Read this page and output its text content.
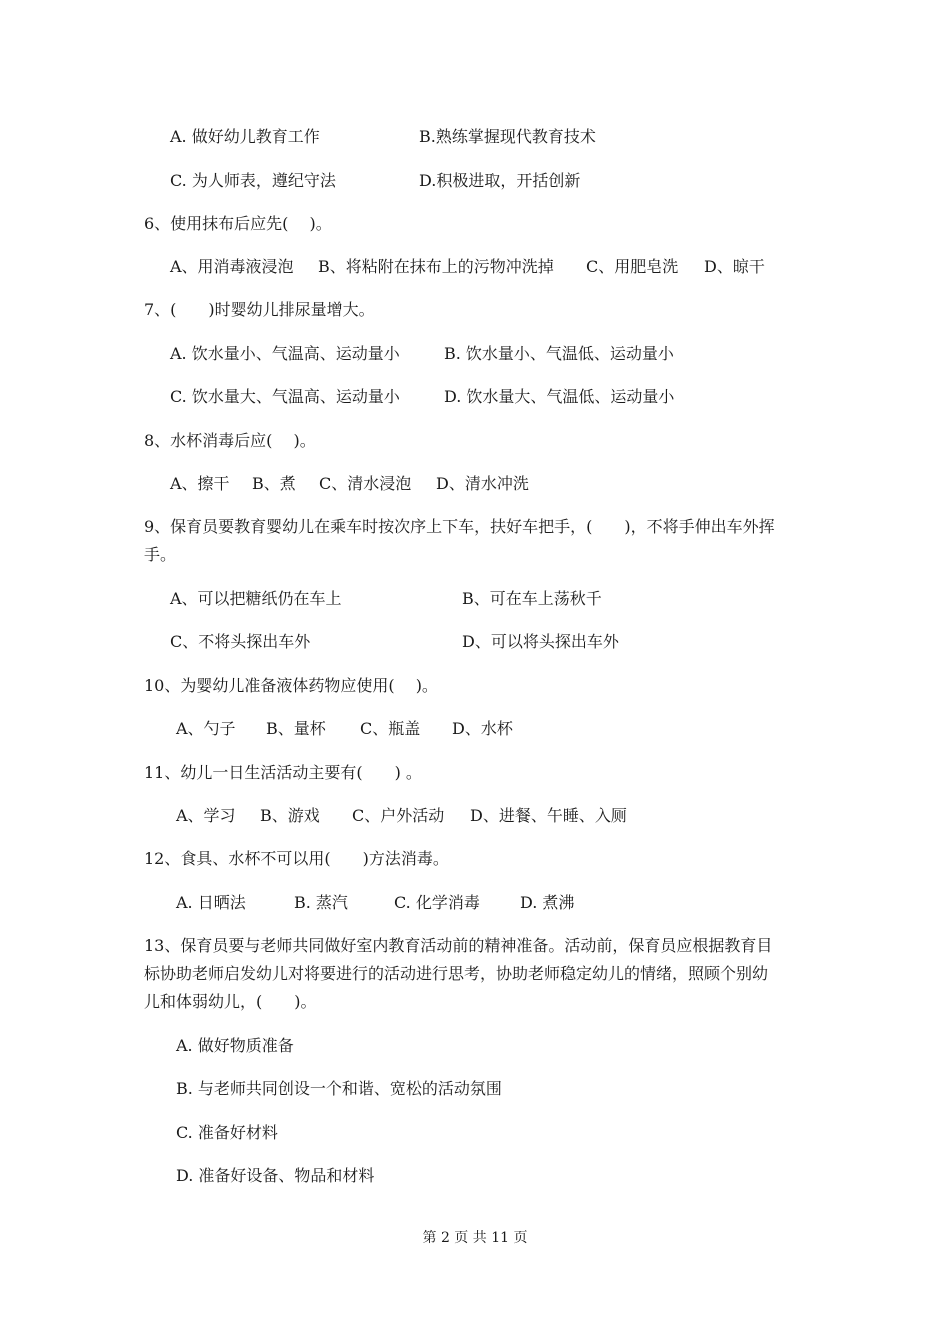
A. 做好幼儿教育工作	B.熟练掌握现代教育技术
C. 为人师表，遵纪守法	D.积极进取，开括创新
6、使用抹布后应先(　 )。
A、用消毒液浸泡 B、将粘附在抹布上的污物冲洗掉 C、用肥皂洗 D、晾干
7、(　　)时婴幼儿排尿量增大。
A. 饮水量小、气温高、运动量小	B. 饮水量小、气温低、运动量小
C. 饮水量大、气温高、运动量小	D. 饮水量大、气温低、运动量小
8、水杯消毒后应(　 )。
A、擦干 B、煮 C、清水浸泡 D、清水冲洗
9、保育员要教育婴幼儿在乘车时按次序上下车，扶好车把手，(　　)，不将手伸出车外挥
手。
A、可以把糖纸仍在车上	B、可在车上荡秋千
C、不将头探出车外	D、可以将头探出车外
10、为婴幼儿准备液体药物应使用(　 )。
A、勺子 B、量杯 C、瓶盖 D、水杯
11、幼儿一日生活活动主要有(　　) 。
A、学习 B、游戏 C、户外活动 D、进餐、午睡、入厕
12、食具、水杯不可以用(　　)方法消毒。
A. 日晒法	B. 蒸汽	C. 化学消毒	D. 煮沸
13、保育员要与老师共同做好室内教育活动前的精神准备。活动前，保育员应根据教育目
标协助老师启发幼儿对将要进行的活动进行思考，协助老师稳定幼儿的情绪，照顾个别幼
儿和体弱幼儿，(　　)。
A. 做好物质准备
B. 与老师共同创设一个和谐、宽松的活动氛围
C. 准备好材料
D. 准备好设备、物品和材料
第 2 页 共 11 页
